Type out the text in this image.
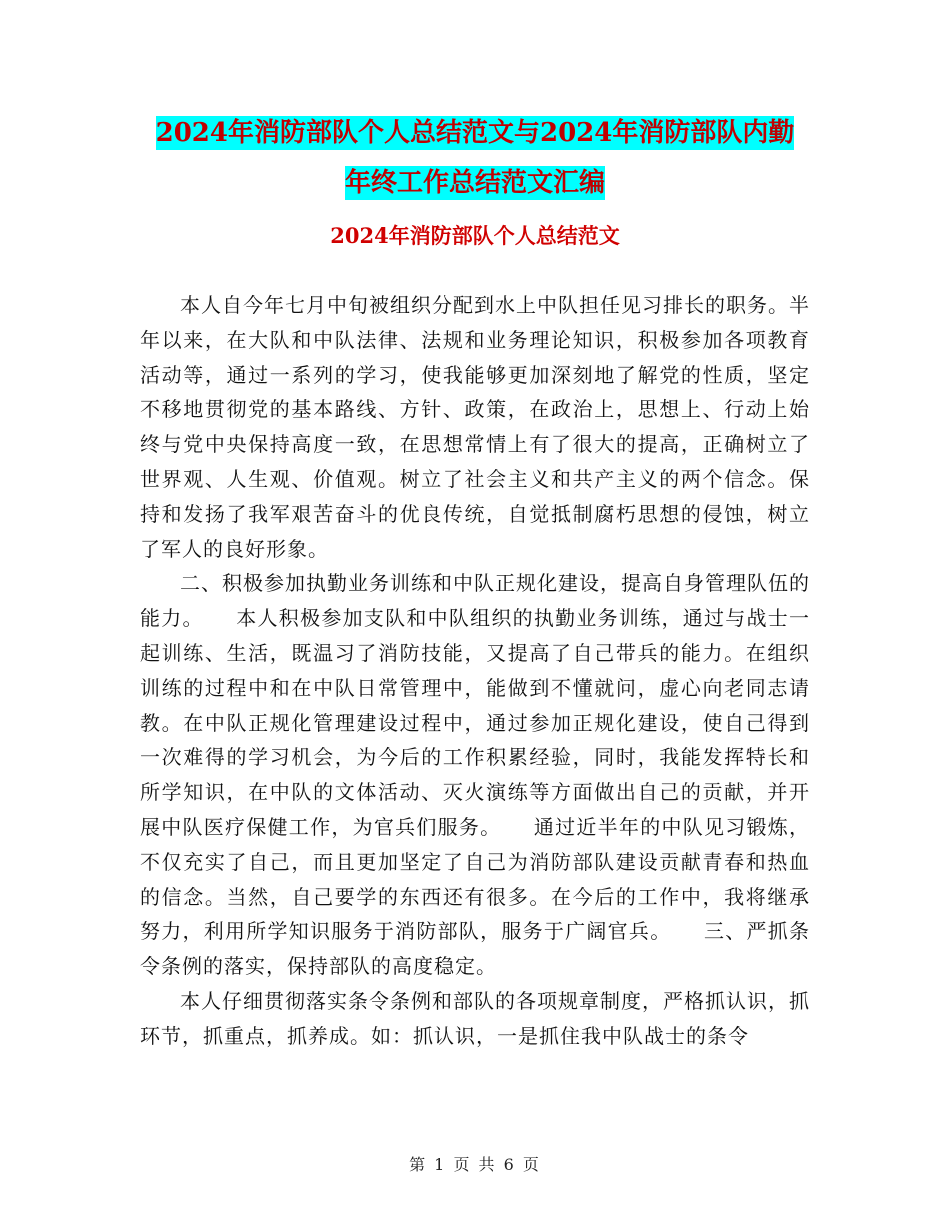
2024年消防部队个人总结范文与2024年消防部队内勤
年终工作总结范文汇编
2024年消防部队个人总结范文

本人自今年七月中旬被组织分配到水上中队担任见习排长的职务。半年以来，在大队和中队法律、法规和业务理论知识，积极参加各项教育活动等，通过一系列的学习，使我能够更加深刻地了解党的性质，坚定不移地贯彻党的基本路线、方针、政策，在政治上，思想上、行动上始终与党中央保持高度一致，在思想常情上有了很大的提高，正确树立了世界观、人生观、价值观。树立了社会主义和共产主义的两个信念。保持和发扬了我军艰苦奋斗的优良传统，自觉抵制腐朽思想的侵蚀，树立了军人的良好形象。

二、积极参加执勤业务训练和中队正规化建设，提高自身管理队伍的能力。　　本人积极参加支队和中队组织的执勤业务训练，通过与战士一起训练、生活，既温习了消防技能，又提高了自己带兵的能力。在组织训练的过程中和在中队日常管理中，能做到不懂就问，虚心向老同志请教。在中队正规化管理建设过程中，通过参加正规化建设，使自己得到一次难得的学习机会，为今后的工作积累经验，同时，我能发挥特长和所学知识，在中队的文体活动、灭火演练等方面做出自己的贡献，并开展中队医疗保健工作，为官兵们服务。　　通过近半年的中队见习锻炼，不仅充实了自己，而且更加坚定了自己为消防部队建设贡献青春和热血的信念。当然，自己要学的东西还有很多。在今后的工作中，我将继承努力，利用所学知识服务于消防部队，服务于广阔官兵。　　三、严抓条令条例的落实，保持部队的高度稳定。

本人仔细贯彻落实条令条例和部队的各项规章制度，严格抓认识，抓环节，抓重点，抓养成。如：抓认识，一是抓住我中队战士的条令

第 1 页 共 6 页
